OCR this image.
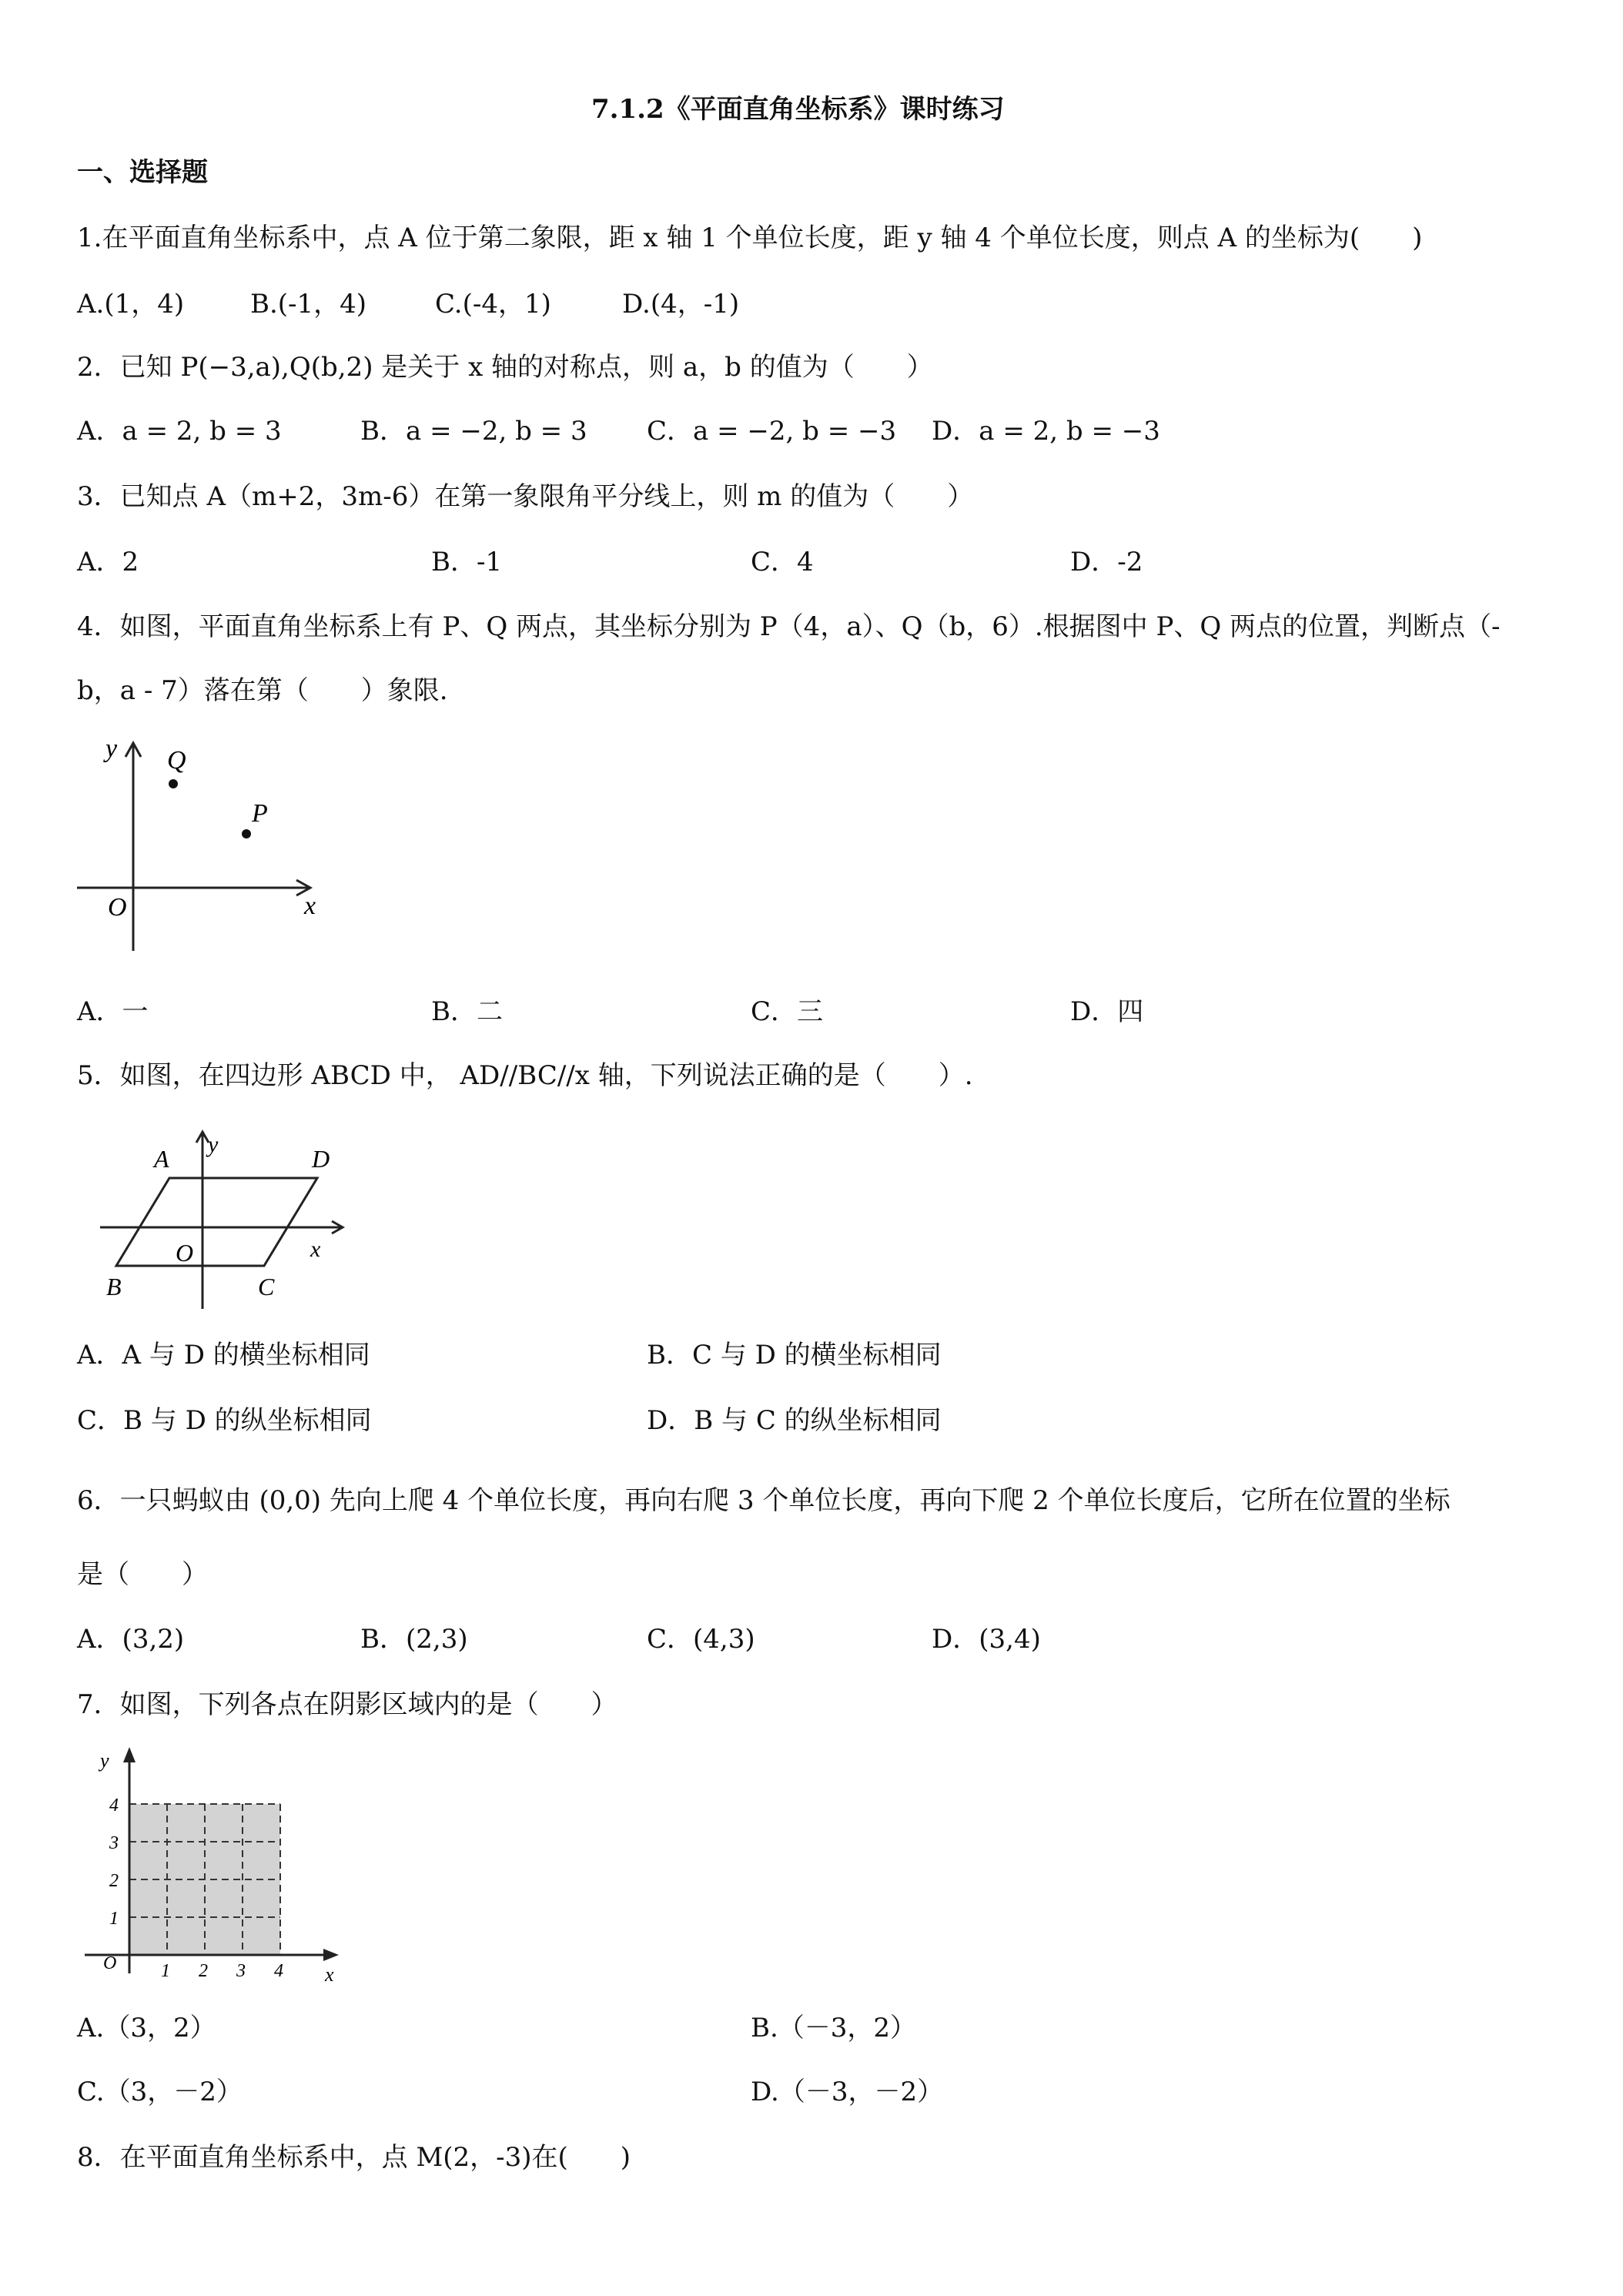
7.1.2《平面直角坐标系》课时练习
一、选择题
1.在平面直角坐标系中，点 A 位于第二象限，距 x 轴 1 个单位长度，距 y 轴 4 个单位长度，则点 A 的坐标为(　　)
A.(1，4)	B.(-1，4)	C.(-4，1)	D.(4，-1)
2．已知 P(−3,a),Q(b,2) 是关于 x 轴的对称点，则 a，b 的值为（　　）
A．a = 2, b = 3	B．a = −2, b = 3 C．a = −2, b = −3 D．a = 2, b = −3
3．已知点 A（m+2，3m-6）在第一象限角平分线上，则 m 的值为（　　）
A．2	B．-1	C．4	D．-2
4．如图，平面直角坐标系上有 P、Q 两点，其坐标分别为 P（4，a）、Q（b，6）.根据图中 P、Q 两点的位置，判断点（-
b，a - 7）落在第（　　）象限.
y Q
P
O	x
A．一	B．二	C．三	D．四
5．如图，在四边形 ABCD 中， AD//BC//x 轴，下列说法正确的是（　　）.
A
y
D
O	x
B	C
A．A 与 D 的横坐标相同	B．C 与 D 的横坐标相同
C．B 与 D 的纵坐标相同	D．B 与 C 的纵坐标相同
6．一只蚂蚁由 (0,0) 先向上爬 4 个单位长度，再向右爬 3 个单位长度，再向下爬 2 个单位长度后，它所在位置的坐标
是（　　）
A．(3,2)	B．(2,3)	C．(4,3)	D．(3,4)
7．如图，下列各点在阴影区域内的是（　　）
y
x
O 1 2 3 4
1
2
3
4
A.（3，2）	B.（－3，2）
C.（3，－2）	D.（－3，－2）
8．在平面直角坐标系中，点 M(2，-3)在(　　)
